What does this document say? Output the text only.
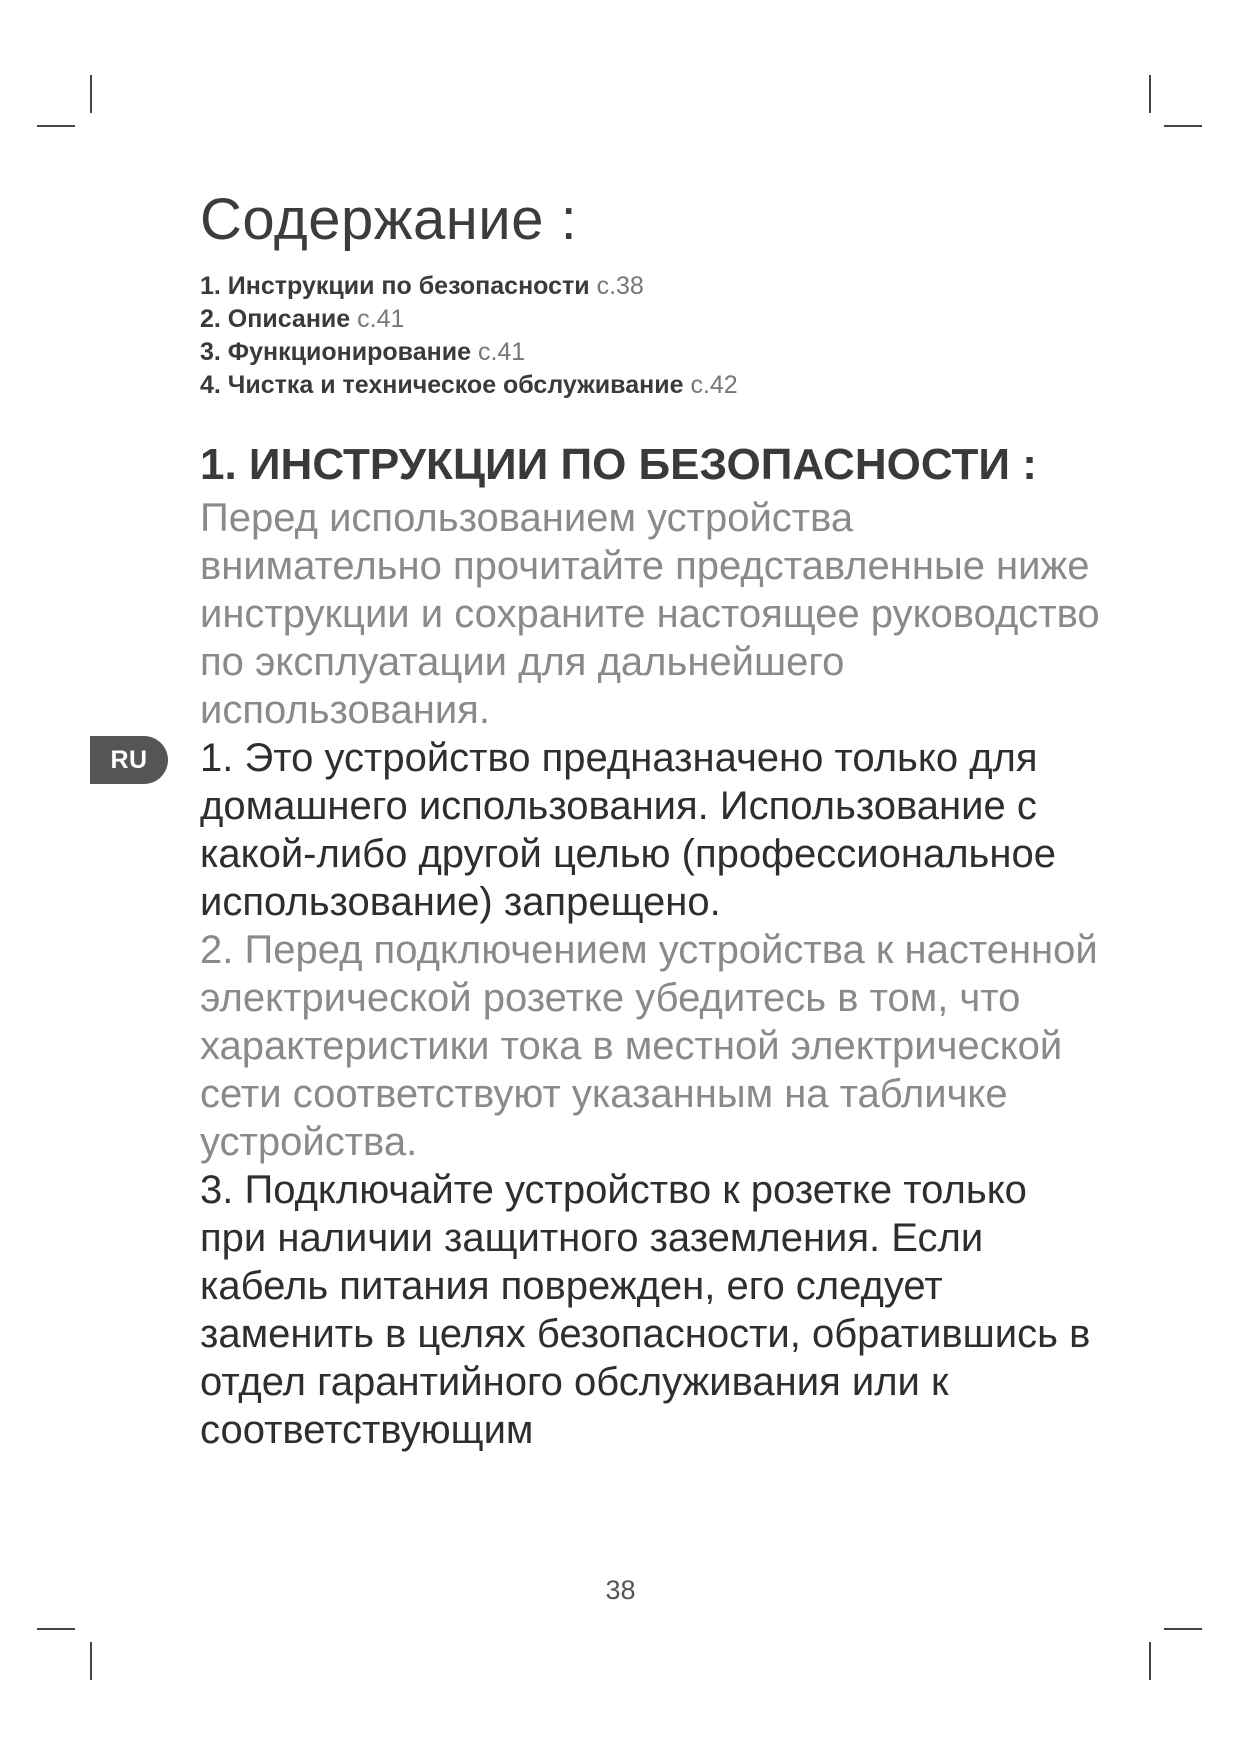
RU
Содержание :
1. Инструкции по безопасности с.38
2. Описание с.41
3. Функционирование с.41
4. Чистка и техническое обслуживание с.42
1. ИНСТРУКЦИИ ПО БЕЗОПАСНОСТИ :

Перед использованием устройства внимательно прочитайте представленные ниже инструкции и сохраните настоящее руководство по эксплуатации для дальнейшего использования.

1. Это устройство предназначено только для домашнего использования. Использование с какой-либо другой целью (профессиональное использование) запрещено.

2. Перед подключением устройства к настенной электрической розетке убедитесь в том, что характеристики тока в местной электрической сети соответствуют указанным на табличке устройства.

3. Подключайте устройство к розетке только при наличии защитного заземления. Если кабель питания поврежден, его следует заменить в целях безопасности, обратившись в отдел гарантийного обслуживания или к соответствующим

38
